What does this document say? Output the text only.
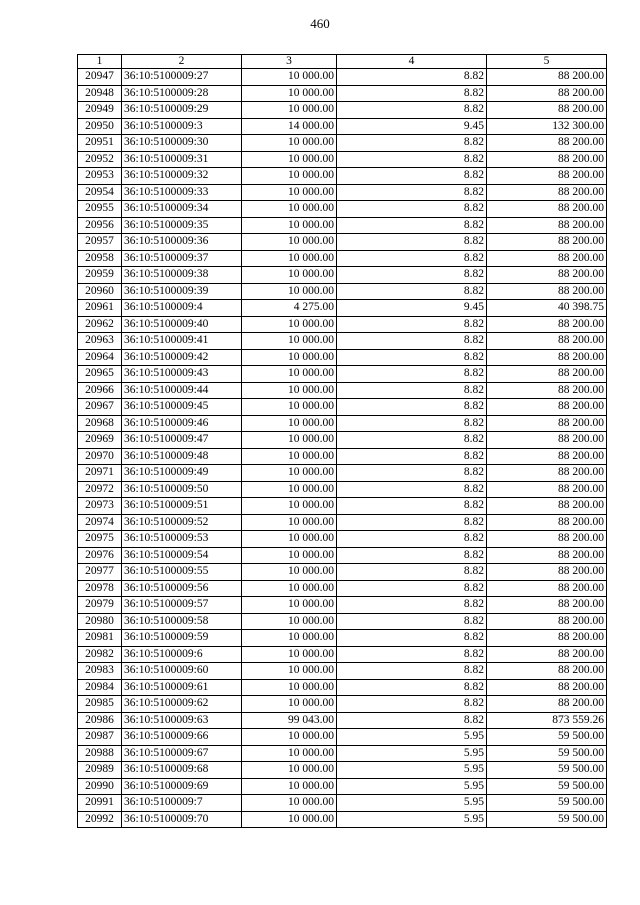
460
1	2	3	4	5
20947	36:10:5100009:27	10 000.00	8.82	88 200.00
20948	36:10:5100009:28	10 000.00	8.82	88 200.00
20949	36:10:5100009:29	10 000.00	8.82	88 200.00
20950	36:10:5100009:3	14 000.00	9.45	132 300.00
20951	36:10:5100009:30	10 000.00	8.82	88 200.00
20952	36:10:5100009:31	10 000.00	8.82	88 200.00
20953	36:10:5100009:32	10 000.00	8.82	88 200.00
20954	36:10:5100009:33	10 000.00	8.82	88 200.00
20955	36:10:5100009:34	10 000.00	8.82	88 200.00
20956	36:10:5100009:35	10 000.00	8.82	88 200.00
20957	36:10:5100009:36	10 000.00	8.82	88 200.00
20958	36:10:5100009:37	10 000.00	8.82	88 200.00
20959	36:10:5100009:38	10 000.00	8.82	88 200.00
20960	36:10:5100009:39	10 000.00	8.82	88 200.00
20961	36:10:5100009:4	4 275.00	9.45	40 398.75
20962	36:10:5100009:40	10 000.00	8.82	88 200.00
20963	36:10:5100009:41	10 000.00	8.82	88 200.00
20964	36:10:5100009:42	10 000.00	8.82	88 200.00
20965	36:10:5100009:43	10 000.00	8.82	88 200.00
20966	36:10:5100009:44	10 000.00	8.82	88 200.00
20967	36:10:5100009:45	10 000.00	8.82	88 200.00
20968	36:10:5100009:46	10 000.00	8.82	88 200.00
20969	36:10:5100009:47	10 000.00	8.82	88 200.00
20970	36:10:5100009:48	10 000.00	8.82	88 200.00
20971	36:10:5100009:49	10 000.00	8.82	88 200.00
20972	36:10:5100009:50	10 000.00	8.82	88 200.00
20973	36:10:5100009:51	10 000.00	8.82	88 200.00
20974	36:10:5100009:52	10 000.00	8.82	88 200.00
20975	36:10:5100009:53	10 000.00	8.82	88 200.00
20976	36:10:5100009:54	10 000.00	8.82	88 200.00
20977	36:10:5100009:55	10 000.00	8.82	88 200.00
20978	36:10:5100009:56	10 000.00	8.82	88 200.00
20979	36:10:5100009:57	10 000.00	8.82	88 200.00
20980	36:10:5100009:58	10 000.00	8.82	88 200.00
20981	36:10:5100009:59	10 000.00	8.82	88 200.00
20982	36:10:5100009:6	10 000.00	8.82	88 200.00
20983	36:10:5100009:60	10 000.00	8.82	88 200.00
20984	36:10:5100009:61	10 000.00	8.82	88 200.00
20985	36:10:5100009:62	10 000.00	8.82	88 200.00
20986	36:10:5100009:63	99 043.00	8.82	873 559.26
20987	36:10:5100009:66	10 000.00	5.95	59 500.00
20988	36:10:5100009:67	10 000.00	5.95	59 500.00
20989	36:10:5100009:68	10 000.00	5.95	59 500.00
20990	36:10:5100009:69	10 000.00	5.95	59 500.00
20991	36:10:5100009:7	10 000.00	5.95	59 500.00
20992	36:10:5100009:70	10 000.00	5.95	59 500.00
